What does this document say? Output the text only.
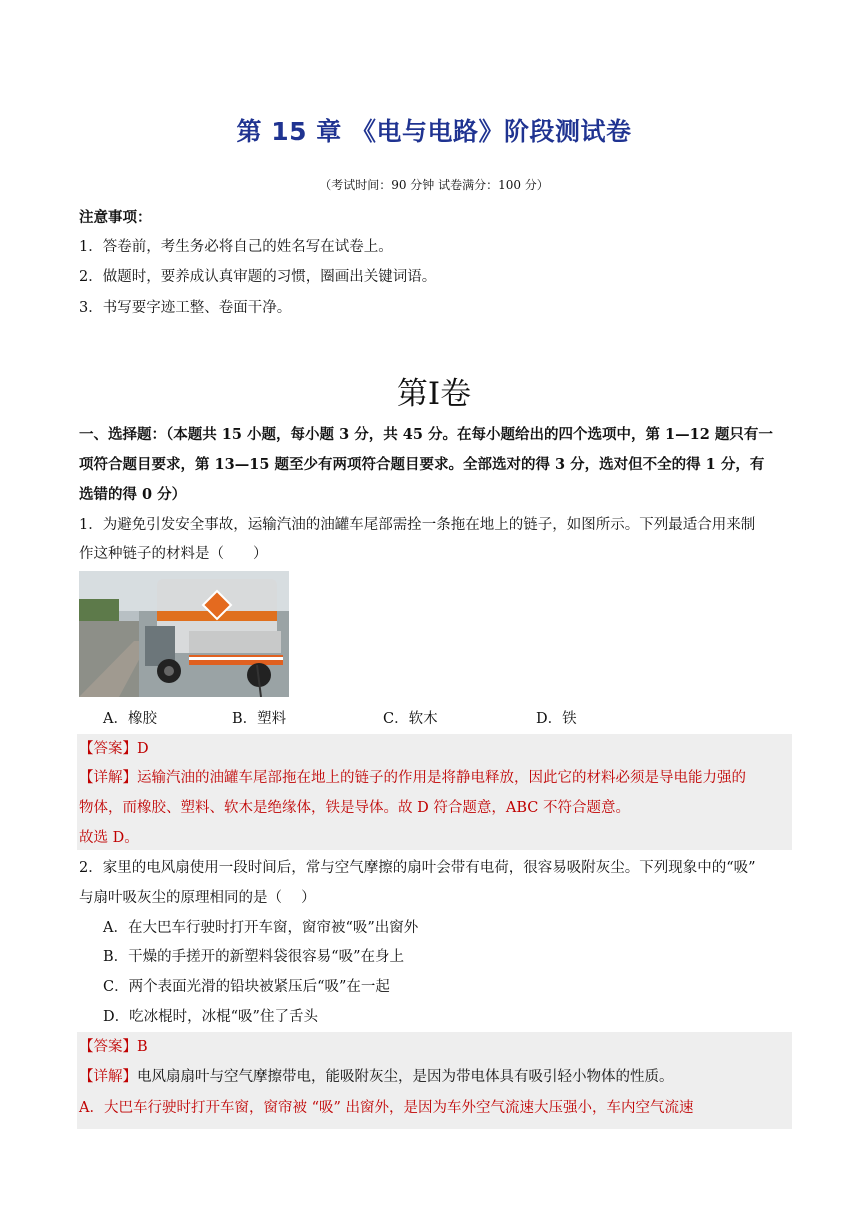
第 15 章 《电与电路》阶段测试卷
（考试时间：90 分钟 试卷满分：100 分）
注意事项：
1．答卷前，考生务必将自己的姓名写在试卷上。
2．做题时，要养成认真审题的习惯，圈画出关键词语。
3．书写要字迹工整、卷面干净。
第I卷
一、选择题：（本题共 15 小题，每小题 3 分，共 45 分。在每小题给出的四个选项中，第 1—12 题只有一
项符合题目要求，第 13—15 题至少有两项符合题目要求。全部选对的得 3 分，选对但不全的得 1 分，有
选错的得 0 分）
1．为避免引发安全事故，运输汽油的油罐车尾部需拴一条拖在地上的链子，如图所示。下列最适合用来制
作这种链子的材料是（　　）
A．橡胶	B．塑料	C．软木	D．铁
【答案】D
【详解】运输汽油的油罐车尾部拖在地上的链子的作用是将静电释放，因此它的材料必须是导电能力强的
物体，而橡胶、塑料、软木是绝缘体，铁是导体。故 D 符合题意，ABC 不符合题意。
故选 D。
2．家里的电风扇使用一段时间后，常与空气摩擦的扇叶会带有电荷，很容易吸附灰尘。下列现象中的“吸”
与扇叶吸灰尘的原理相同的是（　 ）
A．在大巴车行驶时打开车窗，窗帘被“吸”出窗外
B．干燥的手搓开的新塑料袋很容易“吸”在身上
C．两个表面光滑的铅块被紧压后“吸”在一起
D．吃冰棍时，冰棍“吸”住了舌头
【答案】B
【详解】电风扇扇叶与空气摩擦带电，能吸附灰尘，是因为带电体具有吸引轻小物体的性质。
A．大巴车行驶时打开车窗，窗帘被 “吸” 出窗外，是因为车外空气流速大压强小，车内空气流速
